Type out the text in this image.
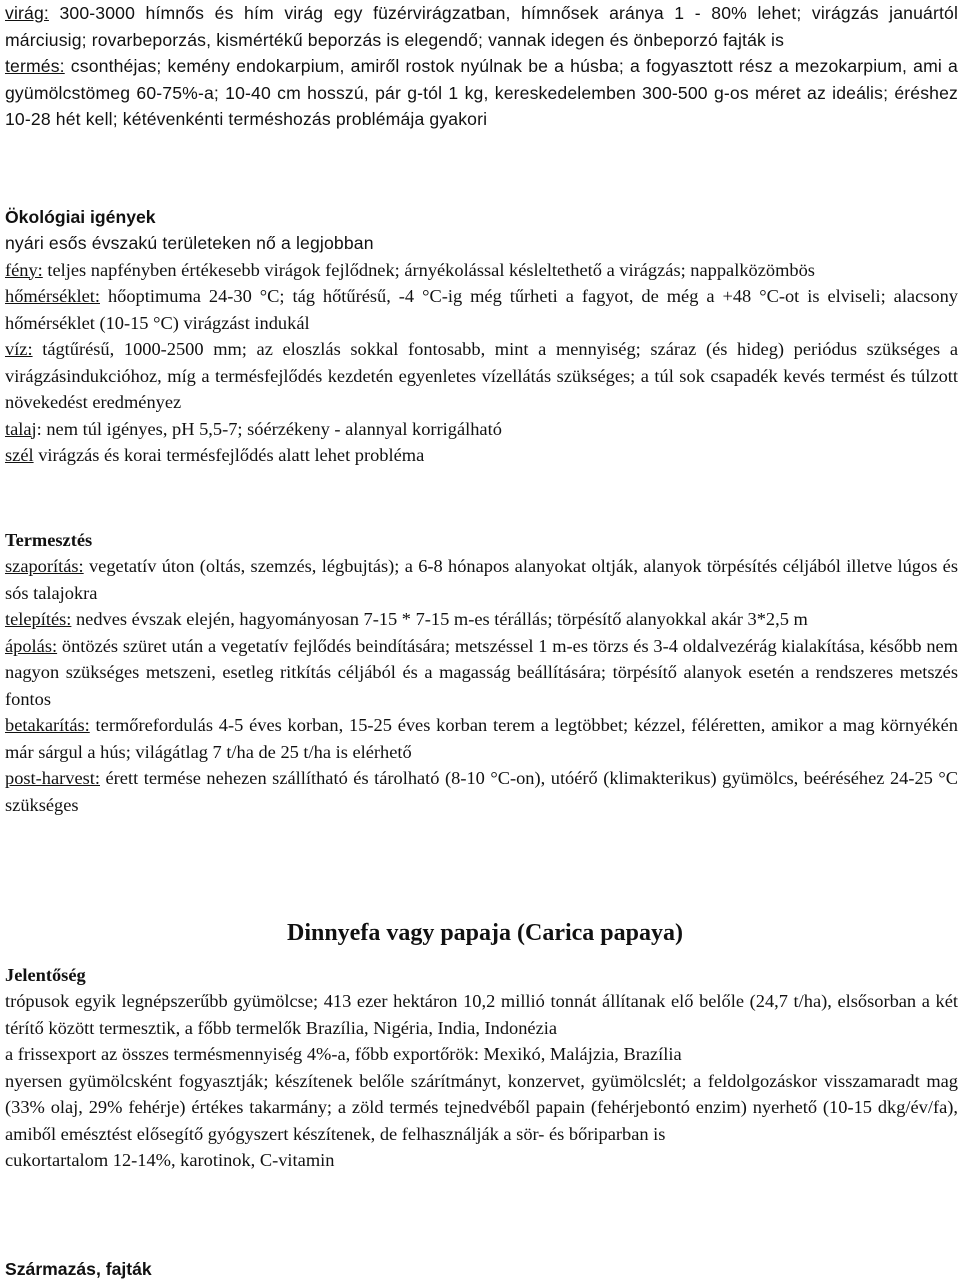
virág: 300-3000 hímnős és hím virág egy füzérvirágzatban, hímnősek aránya 1 - 80% lehet; virágzás januártól márciusig; rovarbeporzás, kismértékű beporzás is elegendő; vannak idegen és önbeporzó fajták is

termés: csonthéjas; kemény endokarpium, amiről rostok nyúlnak be a húsba; a fogyasztott rész a mezokarpium, ami a gyümölcstömeg 60-75%-a; 10-40 cm hosszú, pár g-tól 1 kg, kereskedelemben 300-500 g-os méret az ideális; éréshez 10-28 hét kell; kétévenkénti terméshozás problémája gyakori

Ökológiai igények

nyári esős évszakú területeken nő a legjobban

fény: teljes napfényben értékesebb virágok fejlődnek; árnyékolással késleltethető a virágzás; nappalközömbös

hőmérséklet: hőoptimuma 24-30 °C; tág hőtűrésű, -4 °C-ig még tűrheti a fagyot, de még a +48 °C-ot is elviseli; alacsony hőmérséklet (10-15 °C) virágzást indukál

víz: tágtűrésű, 1000-2500 mm; az eloszlás sokkal fontosabb, mint a mennyiség; száraz (és hideg) periódus szükséges a virágzásindukcióhoz, míg a termésfejlődés kezdetén egyenletes vízellátás szükséges; a túl sok csapadék kevés termést és túlzott növekedést eredményez

talaj: nem túl igényes, pH 5,5-7; sóérzékeny - alannyal korrigálható

szél virágzás és korai termésfejlődés alatt lehet probléma

Termesztés

szaporítás: vegetatív úton (oltás, szemzés, légbujtás); a 6-8 hónapos alanyokat oltják, alanyok törpésítés céljából illetve lúgos és sós talajokra

telepítés: nedves évszak elején, hagyományosan 7-15 * 7-15 m-es térállás; törpésítő alanyokkal akár 3*2,5 m

ápolás: öntözés szüret után a vegetatív fejlődés beindítására; metszéssel 1 m-es törzs és 3-4 oldalvezérág kialakítása, később nem nagyon szükséges metszeni, esetleg ritkítás céljából és a magasság beállítására; törpésítő alanyok esetén a rendszeres metszés fontos

betakarítás: termőrefordulás 4-5 éves korban, 15-25 éves korban terem a legtöbbet; kézzel, féléretten, amikor a mag környékén már sárgul a hús; világátlag 7 t/ha de 25 t/ha is elérhető

post-harvest: érett termése nehezen szállítható és tárolható (8-10 °C-on), utóérő (klimakterikus) gyümölcs, beéréséhez 24-25 °C szükséges

Dinnyefa vagy papaja (Carica papaya)

Jelentőség

trópusok egyik legnépszerűbb gyümölcse; 413 ezer hektáron 10,2 millió tonnát állítanak elő belőle (24,7 t/ha), elsősorban a két térítő között termesztik, a főbb termelők Brazília, Nigéria, India, Indonézia

a frissexport az összes termésmennyiség 4%-a, főbb exportőrök: Mexikó, Malájzia, Brazília

nyersen gyümölcsként fogyasztják; készítenek belőle szárítmányt, konzervet, gyümölcslét; a feldolgozáskor visszamaradt mag (33% olaj, 29% fehérje) értékes takarmány; a zöld termés tejnedvéből papain (fehérjebontó enzim) nyerhető (10-15 dkg/év/fa), amiből emésztést elősegítő gyógyszert készítenek, de felhasználják a sör- és bőriparban is

cukortartalom 12-14%, karotinok, C-vitamin

Származás, fajták
